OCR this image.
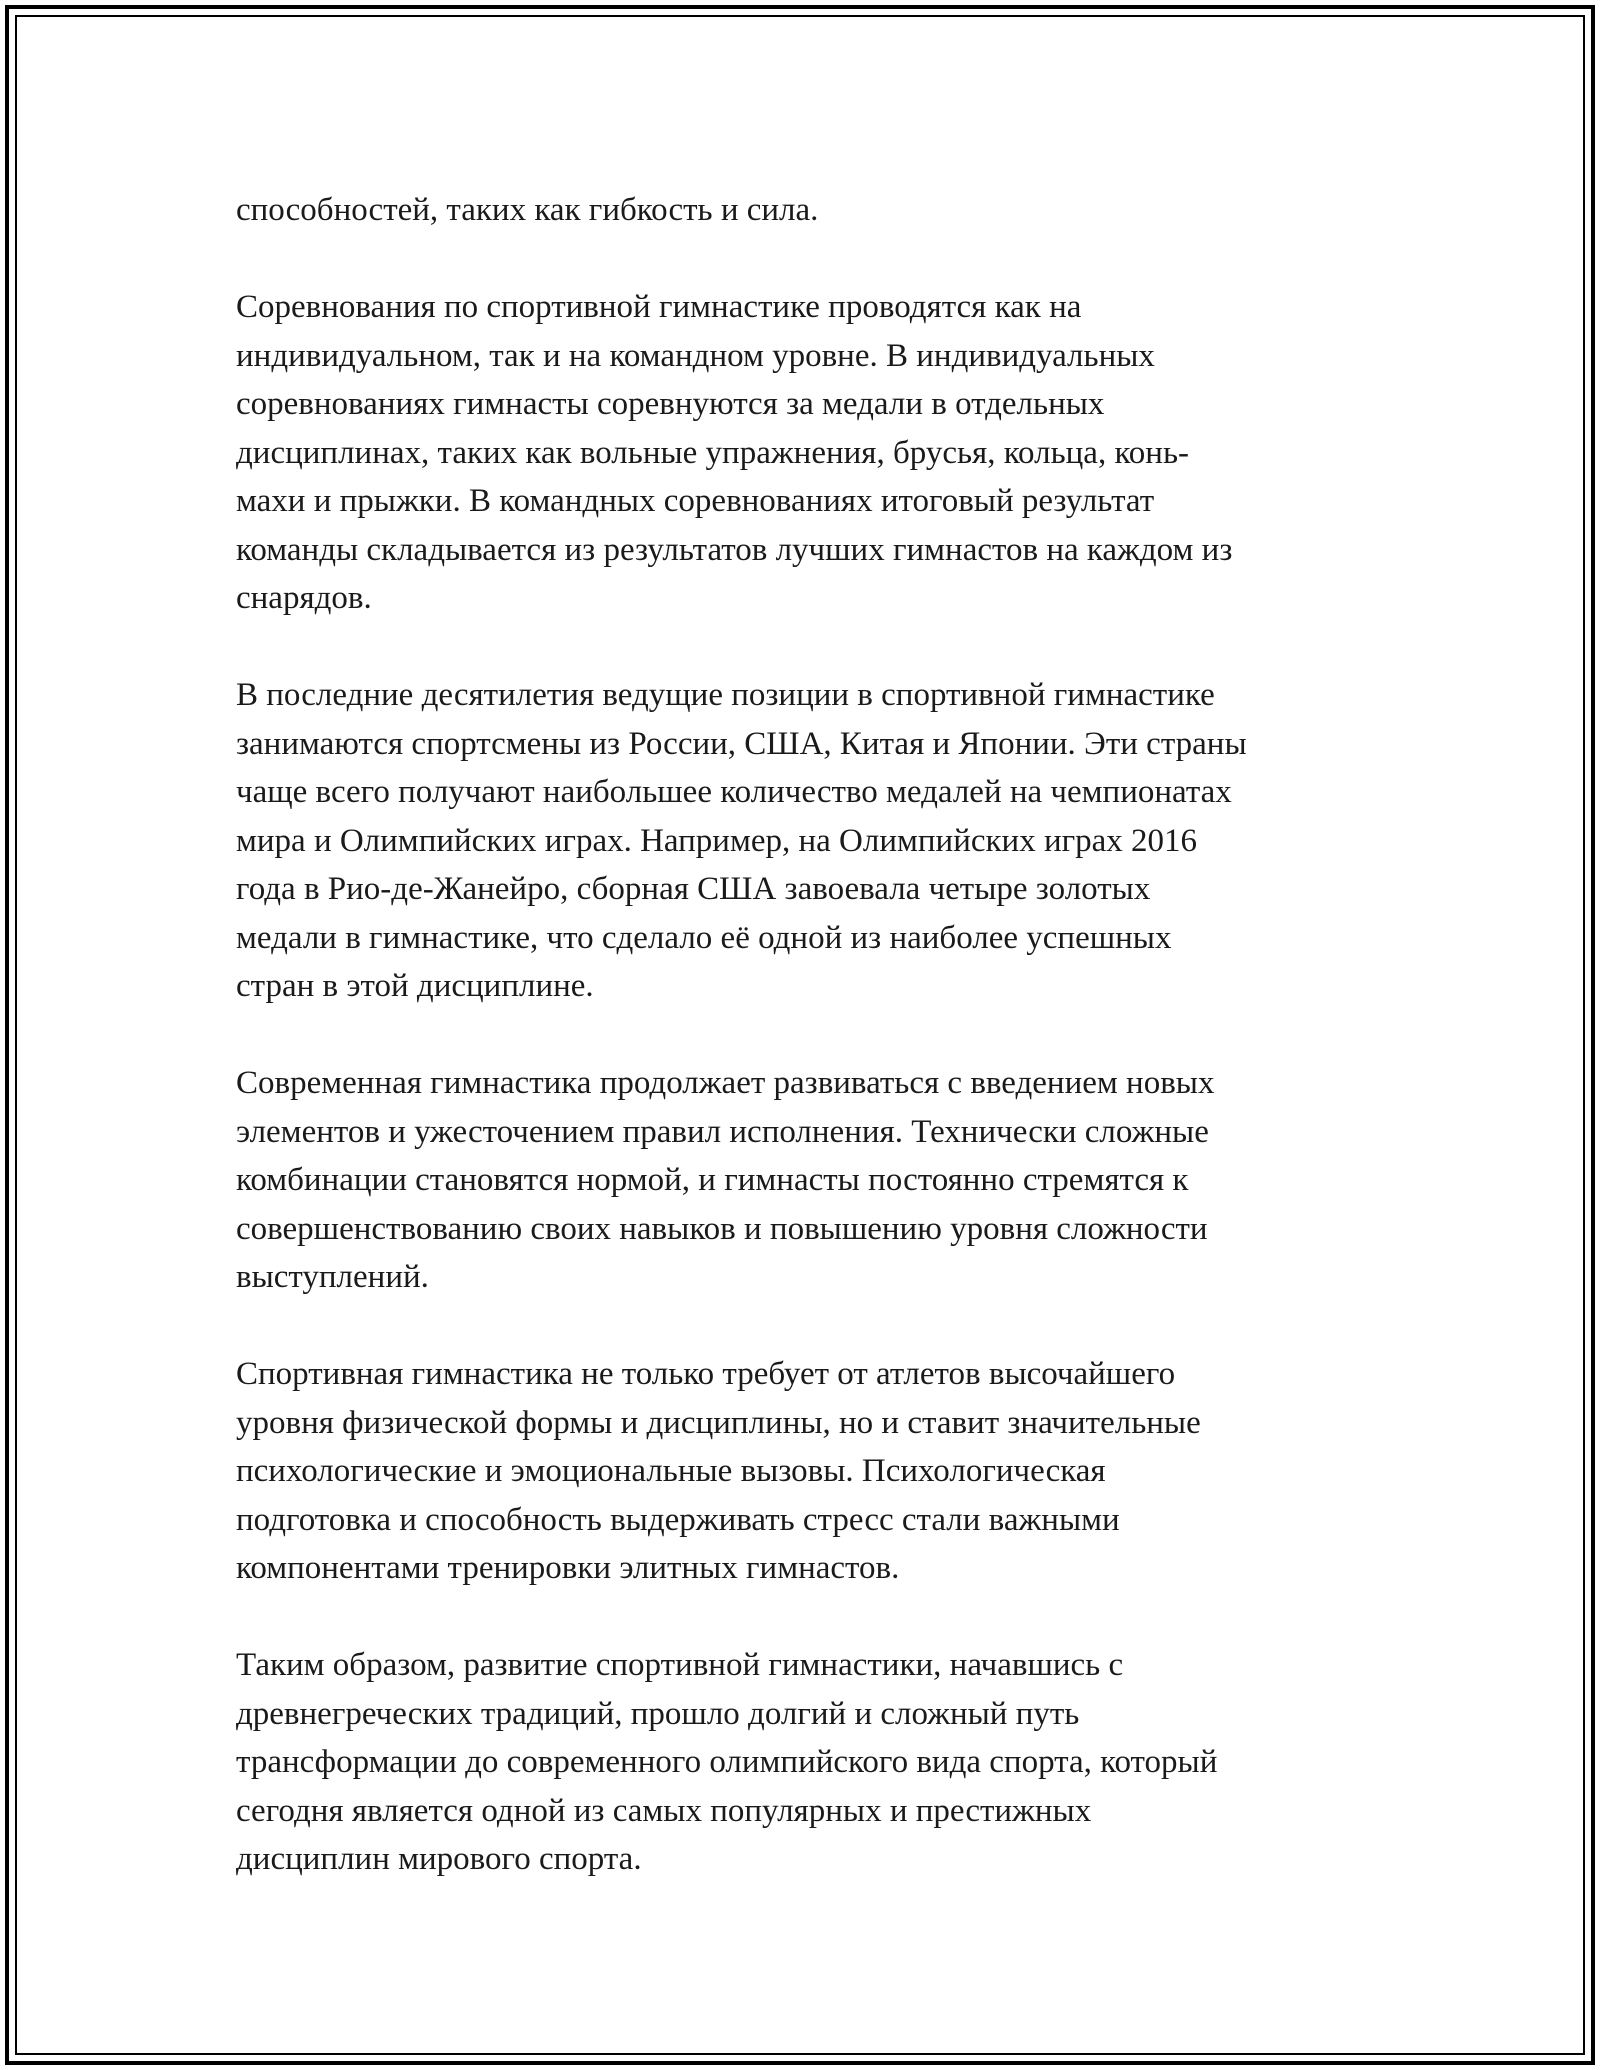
способностей, таких как гибкость и сила.

Соревнования по спортивной гимнастике проводятся как на
индивидуальном, так и на командном уровне. В индивидуальных
соревнованиях гимнасты соревнуются за медали в отдельных
дисциплинах, таких как вольные упражнения, брусья, кольца, конь-
махи и прыжки. В командных соревнованиях итоговый результат
команды складывается из результатов лучших гимнастов на каждом из
снарядов.

В последние десятилетия ведущие позиции в спортивной гимнастике
занимаются спортсмены из России, США, Китая и Японии. Эти страны
чаще всего получают наибольшее количество медалей на чемпионатах
мира и Олимпийских играх. Например, на Олимпийских играх 2016
года в Рио-де-Жанейро, сборная США завоевала четыре золотых
медали в гимнастике, что сделало её одной из наиболее успешных
стран в этой дисциплине.

Современная гимнастика продолжает развиваться с введением новых
элементов и ужесточением правил исполнения. Технически сложные
комбинации становятся нормой, и гимнасты постоянно стремятся к
совершенствованию своих навыков и повышению уровня сложности
выступлений.

Спортивная гимнастика не только требует от атлетов высочайшего
уровня физической формы и дисциплины, но и ставит значительные
психологические и эмоциональные вызовы. Психологическая
подготовка и способность выдерживать стресс стали важными
компонентами тренировки элитных гимнастов.

Таким образом, развитие спортивной гимнастики, начавшись с
древнегреческих традиций, прошло долгий и сложный путь
трансформации до современного олимпийского вида спорта, который
сегодня является одной из самых популярных и престижных
дисциплин мирового спорта.
